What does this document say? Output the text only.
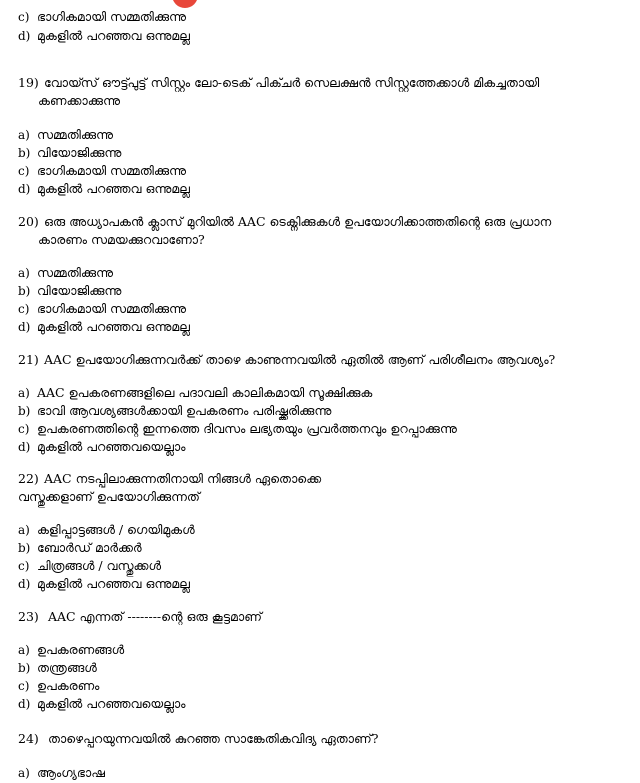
c) ഭാഗികമായി സമ്മതിക്കുന്നു
d) മുകളിൽ പറഞ്ഞവ ഒന്നുമല്ല
19) വോയ്സ് ഔട്ട്പുട്ട് സിസ്റ്റം ലോ-ടെക് പിക്ചർ സെലക്ഷൻ സിസ്റ്റത്തേക്കാൾ മികച്ചതായി
കണക്കാക്കുന്നു
a) സമ്മതിക്കുന്നു
b) വിയോജിക്കുന്നു
c) ഭാഗികമായി സമ്മതിക്കുന്നു
d) മുകളിൽ പറഞ്ഞവ ഒന്നുമല്ല
20) ഒരു അധ്യാപകൻ ക്ലാസ് മുറിയിൽ AAC ടെക്നിക്കുകൾ ഉപയോഗിക്കാത്തതിന്റെ ഒരു പ്രധാന
കാരണം സമയക്കുറവാണോ?
a) സമ്മതിക്കുന്നു
b) വിയോജിക്കുന്നു
c) ഭാഗികമായി സമ്മതിക്കുന്നു
d) മുകളിൽ പറഞ്ഞവ ഒന്നുമല്ല
21) AAC ഉപയോഗിക്കുന്നവർക്ക് താഴെ കാണുന്നവയിൽ ഏതിൽ ആണ് പരിശീലനം ആവശ്യം?
a) AAC ഉപകരണങ്ങളിലെ പദാവലി കാലികമായി സൂക്ഷിക്കുക
b) ഭാവി ആവശ്യങ്ങൾക്കായി ഉപകരണം പരിഷ്ക്കരിക്കുന്നു
c) ഉപകരണത്തിന്റെ ഇന്നത്തെ ദിവസം ലഭ്യതയും പ്രവർത്തനവും ഉറപ്പാക്കുന്നു
d) മുകളിൽ പറഞ്ഞവയെല്ലാം
22) AAC നടപ്പിലാക്കുന്നതിനായി നിങ്ങൾ ഏതൊക്കെ
വസ്തുക്കളാണ് ഉപയോഗിക്കുന്നത്
a) കളിപ്പാട്ടങ്ങൾ / ഗെയിമുകൾ
b) ബോർഡ് മാർക്കർ
c) ചിത്രങ്ങൾ / വസ്തുക്കൾ
d) മുകളിൽ പറഞ്ഞവ ഒന്നുമല്ല
23) AAC എന്നത് --------ന്റെ ഒരു കൂട്ടമാണ്
a) ഉപകരണങ്ങൾ
b) തന്ത്രങ്ങൾ
c) ഉപകരണം
d) മുകളിൽ പറഞ്ഞവയെല്ലാം
24) താഴെപ്പറയുന്നവയിൽ കുറഞ്ഞ സാങ്കേതികവിദ്യ ഏതാണ്?
a) ആംഗ്യഭാഷ
